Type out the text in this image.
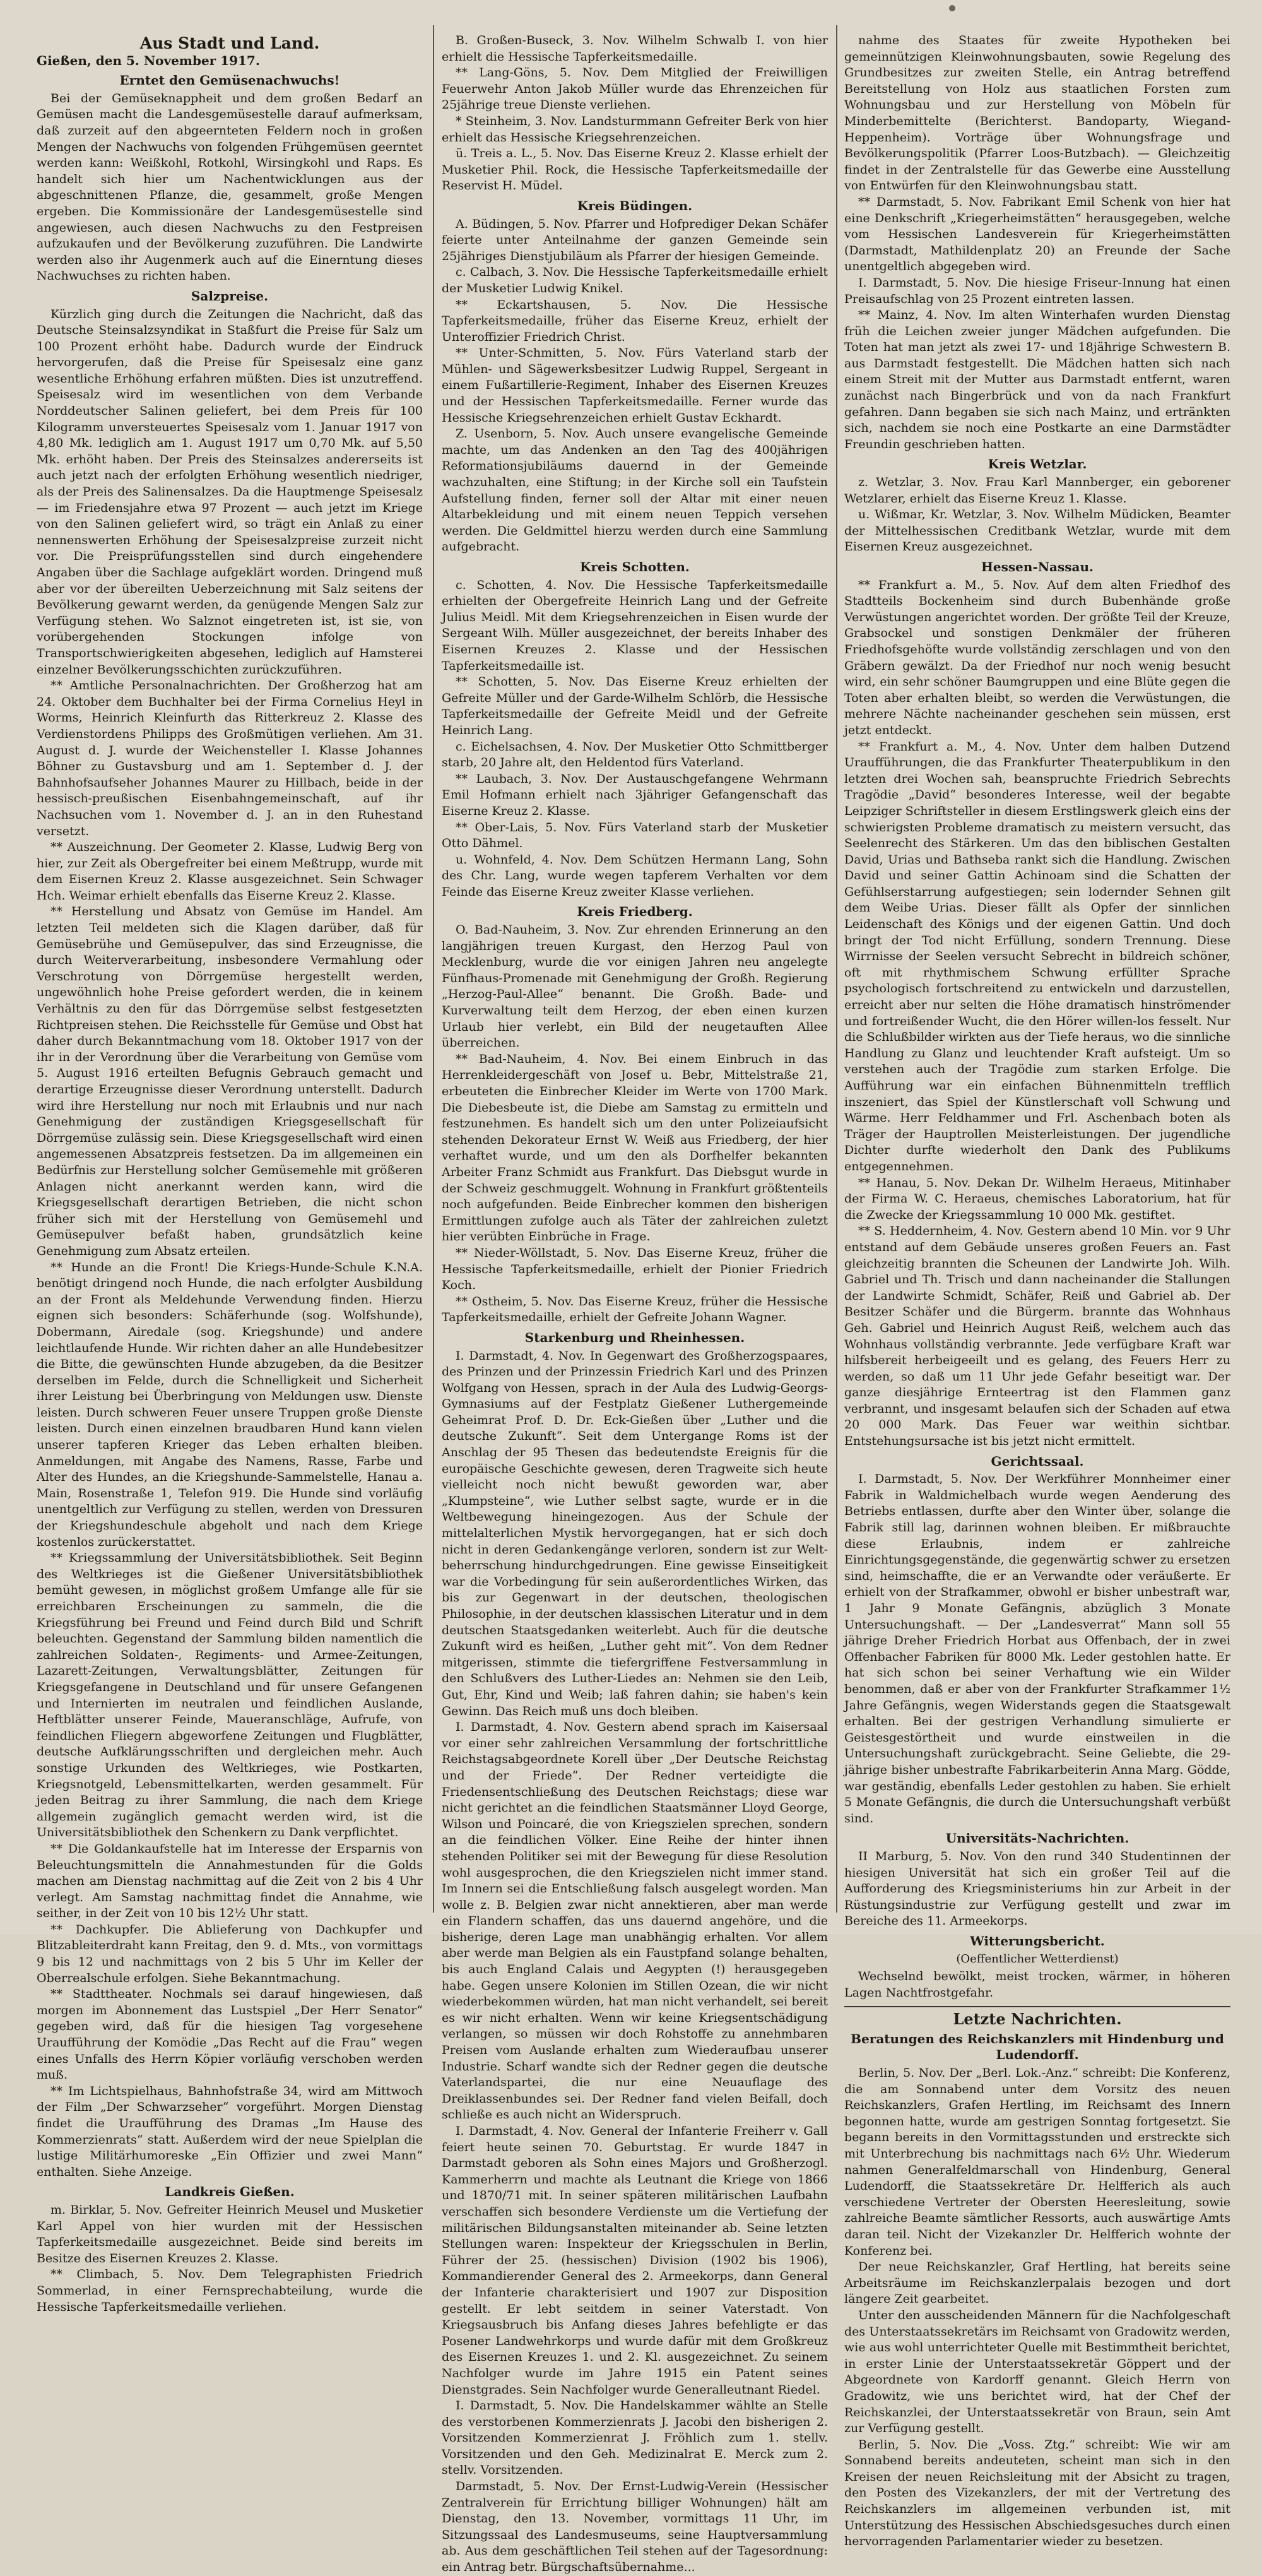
Aus Stadt und Land.
Gießen, den 5. November 1917.
Erntet den Gemüsenachwuchs!

Bei der Gemüseknappheit und dem großen Bedarf an Gemüsen macht die Landesgemüsestelle darauf aufmerksam, daß zurzeit auf den abgeernteten Feldern noch in großen Mengen der Nachwuchs von folgenden Frühgemüsen geerntet werden kann: Weißkohl, Rotkohl, Wirsingkohl und Raps. Es handelt sich hier um Nachentwicklungen aus der abgeschnittenen Pflanze, die, gesammelt, große Mengen ergeben. Die Kommissionäre der Landesgemüsestelle sind angewiesen, auch diesen Nachwuchs zu den Festpreisen aufzukaufen und der Bevölkerung zuzuführen. Die Landwirte werden also ihr Augenmerk auch auf die Einerntung dieses Nachwuchses zu richten haben.

Salzpreise.

Kürzlich ging durch die Zeitungen die Nachricht, daß das Deutsche Steinsalzsyndikat in Staßfurt die Preise für Salz um 100 Prozent erhöht habe. Dadurch wurde der Eindruck hervorgerufen, daß die Preise für Speisesalz eine ganz wesentliche Erhöhung erfahren müßten. Dies ist unzutreffend. Speisesalz wird im wesentlichen von dem Verbande Norddeutscher Salinen geliefert, bei dem Preis für 100 Kilogramm unversteuertes Speisesalz vom 1. Januar 1917 von 4,80 Mk. lediglich am 1. August 1917 um 0,70 Mk. auf 5,50 Mk. erhöht haben. Der Preis des Steinsalzes andererseits ist auch jetzt nach der erfolgten Erhöhung wesentlich niedriger, als der Preis des Salinensalzes. Da die Hauptmenge Speisesalz — im Friedensjahre etwa 97 Prozent — auch jetzt im Kriege von den Salinen geliefert wird, so trägt ein Anlaß zu einer nennenswerten Erhöhung der Speisesalzpreise zurzeit nicht vor. Die Preisprüfungsstellen sind durch eingehendere Angaben über die Sachlage aufgeklärt worden. Dringend muß aber vor der übereilten Ueberzeichnung mit Salz seitens der Bevölkerung gewarnt werden, da genügende Mengen Salz zur Verfügung stehen. Wo Salznot eingetreten ist, ist sie, von vorübergehenden Stockungen infolge von Transportschwierigkeiten abgesehen, lediglich auf Hamsterei einzelner Bevölkerungsschichten zurückzuführen.

** Amtliche Personalnachrichten. Der Großherzog hat am 24. Oktober dem Buchhalter bei der Firma Cornelius Heyl in Worms, Heinrich Kleinfurth das Ritterkreuz 2. Klasse des Verdienstordens Philipps des Großmütigen verliehen. Am 31. August d. J. wurde der Weichensteller I. Klasse Johannes Böhner zu Gustavsburg und am 1. September d. J. der Bahnhofsaufseher Johannes Maurer zu Hillbach, beide in der hessisch-preußischen Eisenbahngemeinschaft, auf ihr Nachsuchen vom 1. November d. J. an in den Ruhestand versetzt.

** Auszeichnung. Der Geometer 2. Klasse, Ludwig Berg von hier, zur Zeit als Obergefreiter bei einem Meßtrupp, wurde mit dem Eisernen Kreuz 2. Klasse ausgezeichnet. Sein Schwager Hch. Weimar erhielt ebenfalls das Eiserne Kreuz 2. Klasse.

** Herstellung und Absatz von Gemüse im Handel. Am letzten Teil meldeten sich die Klagen darüber, daß für Gemüsebrühe und Gemüsepulver, das sind Erzeugnisse, die durch Weiterverarbeitung, insbesondere Vermahlung oder Verschrotung von Dörrgemüse hergestellt werden, ungewöhnlich hohe Preise gefordert werden, die in keinem Verhältnis zu den für das Dörrgemüse selbst festgesetzten Richtpreisen stehen. Die Reichsstelle für Gemüse und Obst hat daher durch Bekanntmachung vom 18. Oktober 1917 von der ihr in der Verordnung über die Verarbeitung von Gemüse vom 5. August 1916 erteilten Befugnis Gebrauch gemacht und derartige Erzeugnisse dieser Verordnung unterstellt. Dadurch wird ihre Herstellung nur noch mit Erlaubnis und nur nach Genehmigung der zuständigen Kriegsgesellschaft für Dörrgemüse zulässig sein. Diese Kriegsgesellschaft wird einen angemessenen Absatzpreis festsetzen. Da im allgemeinen ein Bedürfnis zur Herstellung solcher Gemüsemehle mit größeren Anlagen nicht anerkannt werden kann, wird die Kriegsgesellschaft derartigen Betrieben, die nicht schon früher sich mit der Herstellung von Gemüsemehl und Gemüsepulver befaßt haben, grundsätzlich keine Genehmigung zum Absatz erteilen.

** Hunde an die Front! Die Kriegs-Hunde-Schule K.N.A. benötigt dringend noch Hunde, die nach erfolgter Ausbildung an der Front als Meldehunde Verwendung finden. Hierzu eignen sich besonders: Schäferhunde (sog. Wolfshunde), Dobermann, Airedale (sog. Kriegshunde) und andere leichtlaufende Hunde. Wir richten daher an alle Hundebesitzer die Bitte, die gewünschten Hunde abzugeben, da die Besitzer derselben im Felde, durch die Schnelligkeit und Sicherheit ihrer Leistung bei Überbringung von Meldungen usw. Dienste leisten. Durch schweren Feuer unsere Truppen große Dienste leisten. Durch einen einzelnen braudbaren Hund kann vielen unserer tapferen Krieger das Leben erhalten bleiben. Anmeldungen, mit Angabe des Namens, Rasse, Farbe und Alter des Hundes, an die Kriegshunde-Sammelstelle, Hanau a. Main, Rosenstraße 1, Telefon 919. Die Hunde sind vorläufig unentgeltlich zur Verfügung zu stellen, werden von Dressuren der Kriegshundeschule abgeholt und nach dem Kriege kostenlos zurückerstattet.

** Kriegssammlung der Universitätsbibliothek. Seit Beginn des Weltkrieges ist die Gießener Universitätsbibliothek bemüht gewesen, in möglichst großem Umfange alle für sie erreichbaren Erscheinungen zu sammeln, die die Kriegsführung bei Freund und Feind durch Bild und Schrift beleuchten. Gegenstand der Sammlung bilden namentlich die zahlreichen Soldaten-, Regiments- und Armee-Zeitungen, Lazarett-Zeitungen, Verwaltungsblätter, Zeitungen für Kriegsgefangene in Deutschland und für unsere Gefangenen und Internierten im neutralen und feindlichen Auslande, Heftblätter unserer Feinde, Maueranschläge, Aufrufe, von feindlichen Fliegern abgeworfene Zeitungen und Flugblätter, deutsche Aufklärungsschriften und dergleichen mehr. Auch sonstige Urkunden des Weltkrieges, wie Postkarten, Kriegsnotgeld, Lebensmittelkarten, werden gesammelt. Für jeden Beitrag zu ihrer Sammlung, die nach dem Kriege allgemein zugänglich gemacht werden wird, ist die Universitätsbibliothek den Schenkern zu Dank verpflichtet.

** Die Goldankaufstelle hat im Interesse der Ersparnis von Beleuchtungsmitteln die Annahmestunden für die Golds machen am Dienstag nachmittag auf die Zeit von 2 bis 4 Uhr verlegt. Am Samstag nachmittag findet die Annahme, wie seither, in der Zeit von 10 bis 12½ Uhr statt.

** Dachkupfer. Die Ablieferung von Dachkupfer und Blitzableiterdraht kann Freitag, den 9. d. Mts., von vormittags 9 bis 12 und nachmittags von 2 bis 5 Uhr im Keller der Oberrealschule erfolgen. Siehe Bekanntmachung.

** Stadttheater. Nochmals sei darauf hingewiesen, daß morgen im Abonnement das Lustspiel „Der Herr Senator“ gegeben wird, daß für die hiesigen Tag vorgesehene Uraufführung der Komödie „Das Recht auf die Frau“ wegen eines Unfalls des Herrn Köpier vorläufig verschoben werden muß.

** Im Lichtspielhaus, Bahnhofstraße 34, wird am Mittwoch der Film „Der Schwarzseher“ vorgeführt. Morgen Dienstag findet die Uraufführung des Dramas „Im Hause des Kommerzienrats“ statt. Außerdem wird der neue Spielplan die lustige Militärhumoreske „Ein Offizier und zwei Mann“ enthalten. Siehe Anzeige.

Landkreis Gießen.

m. Birklar, 5. Nov. Gefreiter Heinrich Meusel und Musketier Karl Appel von hier wurden mit der Hessischen Tapferkeitsmedaille ausgezeichnet. Beide sind bereits im Besitze des Eisernen Kreuzes 2. Klasse.

** Climbach, 5. Nov. Dem Telegraphisten Friedrich Sommerlad, in einer Fernsprechabteilung, wurde die Hessische Tapferkeitsmedaille verliehen.

B. Großen-Buseck, 3. Nov. Wilhelm Schwalb I. von hier erhielt die Hessische Tapferkeitsmedaille.

** Lang-Göns, 5. Nov. Dem Mitglied der Freiwilligen Feuerwehr Anton Jakob Müller wurde das Ehrenzeichen für 25jährige treue Dienste verliehen.

* Steinheim, 3. Nov. Landsturmmann Gefreiter Berk von hier erhielt das Hessische Kriegsehrenzeichen.

ü. Treis a. L., 5. Nov. Das Eiserne Kreuz 2. Klasse erhielt der Musketier Phil. Rock, die Hessische Tapferkeitsmedaille der Reservist H. Müdel.

Kreis Büdingen.

A. Büdingen, 5. Nov. Pfarrer und Hofprediger Dekan Schäfer feierte unter Anteilnahme der ganzen Gemeinde sein 25jähriges Dienstjubiläum als Pfarrer der hiesigen Gemeinde.

c. Calbach, 3. Nov. Die Hessische Tapferkeitsmedaille erhielt der Musketier Ludwig Knikel.

** Eckartshausen, 5. Nov. Die Hessische Tapferkeitsmedaille, früher das Eiserne Kreuz, erhielt der Unteroffizier Friedrich Christ.

** Unter-Schmitten, 5. Nov. Fürs Vaterland starb der Mühlen- und Sägewerksbesitzer Ludwig Ruppel, Sergeant in einem Fußartillerie-Regiment, Inhaber des Eisernen Kreuzes und der Hessischen Tapferkeitsmedaille. Ferner wurde das Hessische Kriegsehrenzeichen erhielt Gustav Eckhardt.

Z. Usenborn, 5. Nov. Auch unsere evangelische Gemeinde machte, um das Andenken an den Tag des 400jährigen Reformationsjubiläums dauernd in der Gemeinde wachzuhalten, eine Stiftung; in der Kirche soll ein Taufstein Aufstellung finden, ferner soll der Altar mit einer neuen Altarbekleidung und mit einem neuen Teppich versehen werden. Die Geldmittel hierzu werden durch eine Sammlung aufgebracht.

Kreis Schotten.

c. Schotten, 4. Nov. Die Hessische Tapferkeitsmedaille erhielten der Obergefreite Heinrich Lang und der Gefreite Julius Meidl. Mit dem Kriegsehrenzeichen in Eisen wurde der Sergeant Wilh. Müller ausgezeichnet, der bereits Inhaber des Eisernen Kreuzes 2. Klasse und der Hessischen Tapferkeitsmedaille ist.

** Schotten, 5. Nov. Das Eiserne Kreuz erhielten der Gefreite Müller und der Garde-Wilhelm Schlörb, die Hessische Tapferkeitsmedaille der Gefreite Meidl und der Gefreite Heinrich Lang.

c. Eichelsachsen, 4. Nov. Der Musketier Otto Schmittberger starb, 20 Jahre alt, den Heldentod fürs Vaterland.

** Laubach, 3. Nov. Der Austauschgefangene Wehrmann Emil Hofmann erhielt nach 3jähriger Gefangenschaft das Eiserne Kreuz 2. Klasse.

** Ober-Lais, 5. Nov. Fürs Vaterland starb der Musketier Otto Dähmel.

u. Wohnfeld, 4. Nov. Dem Schützen Hermann Lang, Sohn des Chr. Lang, wurde wegen tapferem Verhalten vor dem Feinde das Eiserne Kreuz zweiter Klasse verliehen.

Kreis Friedberg.

O. Bad-Nauheim, 3. Nov. Zur ehrenden Erinnerung an den langjährigen treuen Kurgast, den Herzog Paul von Mecklenburg, wurde die vor einigen Jahren neu angelegte Fünfhaus-Promenade mit Genehmigung der Großh. Regierung „Herzog-Paul-Allee“ benannt. Die Großh. Bade- und Kurverwaltung teilt dem Herzog, der eben einen kurzen Urlaub hier verlebt, ein Bild der neugetauften Allee überreichen.

** Bad-Nauheim, 4. Nov. Bei einem Einbruch in das Herrenkleidergeschäft von Josef u. Bebr, Mittelstraße 21, erbeuteten die Einbrecher Kleider im Werte von 1700 Mark. Die Diebesbeute ist, die Diebe am Samstag zu ermitteln und festzunehmen. Es handelt sich um den unter Polizeiaufsicht stehenden Dekorateur Ernst W. Weiß aus Friedberg, der hier verhaftet wurde, und um den als Dorfhelfer bekannten Arbeiter Franz Schmidt aus Frankfurt. Das Diebsgut wurde in der Schweiz geschmuggelt. Wohnung in Frankfurt größtenteils noch aufgefunden. Beide Einbrecher kommen den bisherigen Ermittlungen zufolge auch als Täter der zahlreichen zuletzt hier verübten Einbrüche in Frage.

** Nieder-Wöllstadt, 5. Nov. Das Eiserne Kreuz, früher die Hessische Tapferkeitsmedaille, erhielt der Pionier Friedrich Koch.

** Ostheim, 5. Nov. Das Eiserne Kreuz, früher die Hessische Tapferkeitsmedaille, erhielt der Gefreite Johann Wagner.

Starkenburg und Rheinhessen.

I. Darmstadt, 4. Nov. In Gegenwart des Großherzogspaares, des Prinzen und der Prinzessin Friedrich Karl und des Prinzen Wolfgang von Hessen, sprach in der Aula des Ludwig-Georgs-Gymnasiums auf der Festplatz Gießener Luthergemeinde Geheimrat Prof. D. Dr. Eck-Gießen über „Luther und die deutsche Zukunft“. Seit dem Untergange Roms ist der Anschlag der 95 Thesen das bedeutendste Ereignis für die europäische Geschichte gewesen, deren Tragweite sich heute vielleicht noch nicht bewußt geworden war, aber „Klumpsteine“, wie Luther selbst sagte, wurde er in die Weltbewegung hineingezogen. Aus der Schule der mittelalterlichen Mystik hervorgegangen, hat er sich doch nicht in deren Gedankengänge verloren, sondern ist zur Welt-beherrschung hindurchgedrungen. Eine gewisse Einseitigkeit war die Vorbedingung für sein außerordentliches Wirken, das bis zur Gegenwart in der deutschen, theologischen Philosophie, in der deutschen klassischen Literatur und in dem deutschen Staatsgedanken weiterlebt. Auch für die deutsche Zukunft wird es heißen, „Luther geht mit“. Von dem Redner mitgerissen, stimmte die tiefergriffene Festversammlung in den Schlußvers des Luther-Liedes an: Nehmen sie den Leib, Gut, Ehr, Kind und Weib; laß fahren dahin; sie haben's kein Gewinn. Das Reich muß uns doch bleiben.

I. Darmstadt, 4. Nov. Gestern abend sprach im Kaisersaal vor einer sehr zahlreichen Versammlung der fortschrittliche Reichstagsabgeordnete Korell über „Der Deutsche Reichstag und der Friede“. Der Redner verteidigte die Friedensentschließung des Deutschen Reichstags; diese war nicht gerichtet an die feindlichen Staatsmänner Lloyd George, Wilson und Poincaré, die von Kriegszielen sprechen, sondern an die feindlichen Völker. Eine Reihe der hinter ihnen stehenden Politiker sei mit der Bewegung für diese Resolution wohl ausgesprochen, die den Kriegszielen nicht immer stand. Im Innern sei die Entschließung falsch ausgelegt worden. Man wolle z. B. Belgien zwar nicht annektieren, aber man werde ein Flandern schaffen, das uns dauernd angehöre, und die bisherige, deren Lage man unabhängig erhalten. Vor allem aber werde man Belgien als ein Faustpfand solange behalten, bis auch England Calais und Aegypten (!) herausgegeben habe. Gegen unsere Kolonien im Stillen Ozean, die wir nicht wiederbekommen würden, hat man nicht verhandelt, sei bereit es wir nicht erhalten. Wenn wir keine Kriegsentschädigung verlangen, so müssen wir doch Rohstoffe zu annehmbaren Preisen vom Auslande erhalten zum Wiederaufbau unserer Industrie. Scharf wandte sich der Redner gegen die deutsche Vaterlandspartei, die nur eine Neuauflage des Dreiklassenbundes sei. Der Redner fand vielen Beifall, doch schließe es auch nicht an Widerspruch.

I. Darmstadt, 4. Nov. General der Infanterie Freiherr v. Gall feiert heute seinen 70. Geburtstag. Er wurde 1847 in Darmstadt geboren als Sohn eines Majors und Großherzogl. Kammerherrn und machte als Leutnant die Kriege von 1866 und 1870/71 mit. In seiner späteren militärischen Laufbahn verschaffen sich besondere Verdienste um die Vertiefung der militärischen Bildungsanstalten miteinander ab. Seine letzten Stellungen waren: Inspekteur der Kriegsschulen in Berlin, Führer der 25. (hessischen) Division (1902 bis 1906), Kommandierender General des 2. Armeekorps, dann General der Infanterie charakterisiert und 1907 zur Disposition gestellt. Er lebt seitdem in seiner Vaterstadt. Von Kriegsausbruch bis Anfang dieses Jahres befehligte er das Posener Landwehrkorps und wurde dafür mit dem Großkreuz des Eisernen Kreuzes 1. und 2. Kl. ausgezeichnet. Zu seinem Nachfolger wurde im Jahre 1915 ein Patent seines Dienstgrades. Sein Nachfolger wurde Generalleutnant Riedel.

I. Darmstadt, 5. Nov. Die Handelskammer wählte an Stelle des verstorbenen Kommerzienrats J. Jacobi den bisherigen 2. Vorsitzenden Kommerzienrat J. Fröhlich zum 1. stellv. Vorsitzenden und den Geh. Medizinalrat E. Merck zum 2. stellv. Vorsitzenden.

Darmstadt, 5. Nov. Der Ernst-Ludwig-Verein (Hessischer Zentralverein für Errichtung billiger Wohnungen) hält am Dienstag, den 13. November, vormittags 11 Uhr, im Sitzungssaal des Landesmuseums, seine Hauptversammlung ab. Aus dem geschäftlichen Teil stehen auf der Tagesordnung: ein Antrag betr. Bürgschaftsübernahme...

nahme des Staates für zweite Hypotheken bei gemeinnützigen Kleinwohnungsbauten, sowie Regelung des Grundbesitzes zur zweiten Stelle, ein Antrag betreffend Bereitstellung von Holz aus staatlichen Forsten zum Wohnungsbau und zur Herstellung von Möbeln für Minderbemittelte (Berichterst. Bandoparty, Wiegand-Heppenheim). Vorträge über Wohnungsfrage und Bevölkerungspolitik (Pfarrer Loos-Butzbach). — Gleichzeitig findet in der Zentralstelle für das Gewerbe eine Ausstellung von Entwürfen für den Kleinwohnungsbau statt.

** Darmstadt, 5. Nov. Fabrikant Emil Schenk von hier hat eine Denkschrift „Kriegerheimstätten“ herausgegeben, welche vom Hessischen Landesverein für Kriegerheimstätten (Darmstadt, Mathildenplatz 20) an Freunde der Sache unentgeltlich abgegeben wird.

I. Darmstadt, 5. Nov. Die hiesige Friseur-Innung hat einen Preisaufschlag von 25 Prozent eintreten lassen.

** Mainz, 4. Nov. Im alten Winterhafen wurden Dienstag früh die Leichen zweier junger Mädchen aufgefunden. Die Toten hat man jetzt als zwei 17- und 18jährige Schwestern B. aus Darmstadt festgestellt. Die Mädchen hatten sich nach einem Streit mit der Mutter aus Darmstadt entfernt, waren zunächst nach Bingerbrück und von da nach Frankfurt gefahren. Dann begaben sie sich nach Mainz, und ertränkten sich, nachdem sie noch eine Postkarte an eine Darmstädter Freundin geschrieben hatten.

Kreis Wetzlar.

z. Wetzlar, 3. Nov. Frau Karl Mannberger, ein geborener Wetzlarer, erhielt das Eiserne Kreuz 1. Klasse.

u. Wißmar, Kr. Wetzlar, 3. Nov. Wilhelm Müdicken, Beamter der Mittelhessischen Creditbank Wetzlar, wurde mit dem Eisernen Kreuz ausgezeichnet.

Hessen-Nassau.

** Frankfurt a. M., 5. Nov. Auf dem alten Friedhof des Stadtteils Bockenheim sind durch Bubenhände große Verwüstungen angerichtet worden. Der größte Teil der Kreuze, Grabsockel und sonstigen Denkmäler der früheren Friedhofsgehöfte wurde vollständig zerschlagen und von den Gräbern gewälzt. Da der Friedhof nur noch wenig besucht wird, ein sehr schöner Baumgruppen und eine Blüte gegen die Toten aber erhalten bleibt, so werden die Verwüstungen, die mehrere Nächte nacheinander geschehen sein müssen, erst jetzt entdeckt.

** Frankfurt a. M., 4. Nov. Unter dem halben Dutzend Uraufführungen, die das Frankfurter Theaterpublikum in den letzten drei Wochen sah, beanspruchte Friedrich Sebrechts Tragödie „David“ besonderes Interesse, weil der begabte Leipziger Schriftsteller in diesem Erstlingswerk gleich eins der schwierigsten Probleme dramatisch zu meistern versucht, das Seelenrecht des Stärkeren. Um das den biblischen Gestalten David, Urias und Bathseba rankt sich die Handlung. Zwischen David und seiner Gattin Achinoam sind die Schatten der Gefühlserstarrung aufgestiegen; sein lodernder Sehnen gilt dem Weibe Urias. Dieser fällt als Opfer der sinnlichen Leidenschaft des Königs und der eigenen Gattin. Und doch bringt der Tod nicht Erfüllung, sondern Trennung. Diese Wirrnisse der Seelen versucht Sebrecht in bildreich schöner, oft mit rhythmischem Schwung erfüllter Sprache psychologisch fortschreitend zu entwickeln und darzustellen, erreicht aber nur selten die Höhe dramatisch hinströmender und fortreißender Wucht, die den Hörer willen-los fesselt. Nur die Schlußbilder wirkten aus der Tiefe heraus, wo die sinnliche Handlung zu Glanz und leuchtender Kraft aufsteigt. Um so verstehen auch der Tragödie zum starken Erfolge. Die Aufführung war ein einfachen Bühnenmitteln trefflich inszeniert, das Spiel der Künstlerschaft voll Schwung und Wärme. Herr Feldhammer und Frl. Aschenbach boten als Träger der Hauptrollen Meisterleistungen. Der jugendliche Dichter durfte wiederholt den Dank des Publikums entgegennehmen.

** Hanau, 5. Nov. Dekan Dr. Wilhelm Heraeus, Mitinhaber der Firma W. C. Heraeus, chemisches Laboratorium, hat für die Zwecke der Kriegssammlung 10 000 Mk. gestiftet.

** S. Heddernheim, 4. Nov. Gestern abend 10 Min. vor 9 Uhr entstand auf dem Gebäude unseres großen Feuers an. Fast gleichzeitig brannten die Scheunen der Landwirte Joh. Wilh. Gabriel und Th. Trisch und dann nacheinander die Stallungen der Landwirte Schmidt, Schäfer, Reiß und Gabriel ab. Der Besitzer Schäfer und die Bürgerm. brannte das Wohnhaus Geh. Gabriel und Heinrich August Reiß, welchem auch das Wohnhaus vollständig verbrannte. Jede verfügbare Kraft war hilfsbereit herbeigeeilt und es gelang, des Feuers Herr zu werden, so daß um 11 Uhr jede Gefahr beseitigt war. Der ganze diesjährige Ernteertrag ist den Flammen ganz verbrannt, und insgesamt belaufen sich der Schaden auf etwa 20 000 Mark. Das Feuer war weithin sichtbar. Entstehungsursache ist bis jetzt nicht ermittelt.

Gerichtssaal.

I. Darmstadt, 5. Nov. Der Werkführer Monnheimer einer Fabrik in Waldmichelbach wurde wegen Aenderung des Betriebs entlassen, durfte aber den Winter über, solange die Fabrik still lag, darinnen wohnen bleiben. Er mißbrauchte diese Erlaubnis, indem er zahlreiche Einrichtungsgegenstände, die gegenwärtig schwer zu ersetzen sind, heimschaffte, die er an Verwandte oder veräußerte. Er erhielt von der Strafkammer, obwohl er bisher unbestraft war, 1 Jahr 9 Monate Gefängnis, abzüglich 3 Monate Untersuchungshaft. — Der „Landesverrat“ Mann soll 55 jährige Dreher Friedrich Horbat aus Offenbach, der in zwei Offenbacher Fabriken für 8000 Mk. Leder gestohlen hatte. Er hat sich schon bei seiner Verhaftung wie ein Wilder benommen, daß er aber von der Frankfurter Strafkammer 1½ Jahre Gefängnis, wegen Widerstands gegen die Staatsgewalt erhalten. Bei der gestrigen Verhandlung simulierte er Geistesgestörtheit und wurde einstweilen in die Untersuchungshaft zurückgebracht. Seine Geliebte, die 29-jährige bisher unbestrafte Fabrikarbeiterin Anna Marg. Gödde, war geständig, ebenfalls Leder gestohlen zu haben. Sie erhielt 5 Monate Gefängnis, die durch die Untersuchungshaft verbüßt sind.

Universitäts-Nachrichten.

II Marburg, 5. Nov. Von den rund 340 Studentinnen der hiesigen Universität hat sich ein großer Teil auf die Aufforderung des Kriegsministeriums hin zur Arbeit in der Rüstungsindustrie zur Verfügung gestellt und zwar im Bereiche des 11. Armeekorps.

Witterungsbericht.
(Oeffentlicher Wetterdienst)

Wechselnd bewölkt, meist trocken, wärmer, in höheren Lagen Nachtfrostgefahr.

Letzte Nachrichten.
Beratungen des Reichskanzlers mit Hindenburg und Ludendorff.

Berlin, 5. Nov. Der „Berl. Lok.-Anz.“ schreibt: Die Konferenz, die am Sonnabend unter dem Vorsitz des neuen Reichskanzlers, Grafen Hertling, im Reichsamt des Innern begonnen hatte, wurde am gestrigen Sonntag fortgesetzt. Sie begann bereits in den Vormittagsstunden und erstreckte sich mit Unterbrechung bis nachmittags nach 6½ Uhr. Wiederum nahmen Generalfeldmarschall von Hindenburg, General Ludendorff, die Staatssekretäre Dr. Helfferich als auch verschiedene Vertreter der Obersten Heeresleitung, sowie zahlreiche Beamte sämtlicher Ressorts, auch auswärtige Amts daran teil. Nicht der Vizekanzler Dr. Helfferich wohnte der Konferenz bei.

Der neue Reichskanzler, Graf Hertling, hat bereits seine Arbeitsräume im Reichskanzlerpalais bezogen und dort längere Zeit gearbeitet.

Unter den ausscheidenden Männern für die Nachfolgeschaft des Unterstaatssekretärs im Reichsamt von Gradowitz werden, wie aus wohl unterrichteter Quelle mit Bestimmtheit berichtet, in erster Linie der Unterstaatssekretär Göppert und der Abgeordnete von Kardorff genannt. Gleich Herrn von Gradowitz, wie uns berichtet wird, hat der Chef der Reichskanzlei, der Unterstaatssekretär von Braun, sein Amt zur Verfügung gestellt.

Berlin, 5. Nov. Die „Voss. Ztg.“ schreibt: Wie wir am Sonnabend bereits andeuteten, scheint man sich in den Kreisen der neuen Reichsleitung mit der Absicht zu tragen, den Posten des Vizekanzlers, der mit der Vertretung des Reichskanzlers im allgemeinen verbunden ist, mit Unterstützung des Hessischen Abschiedsgesuches durch einen hervorragenden Parlamentarier wieder zu besetzen.
